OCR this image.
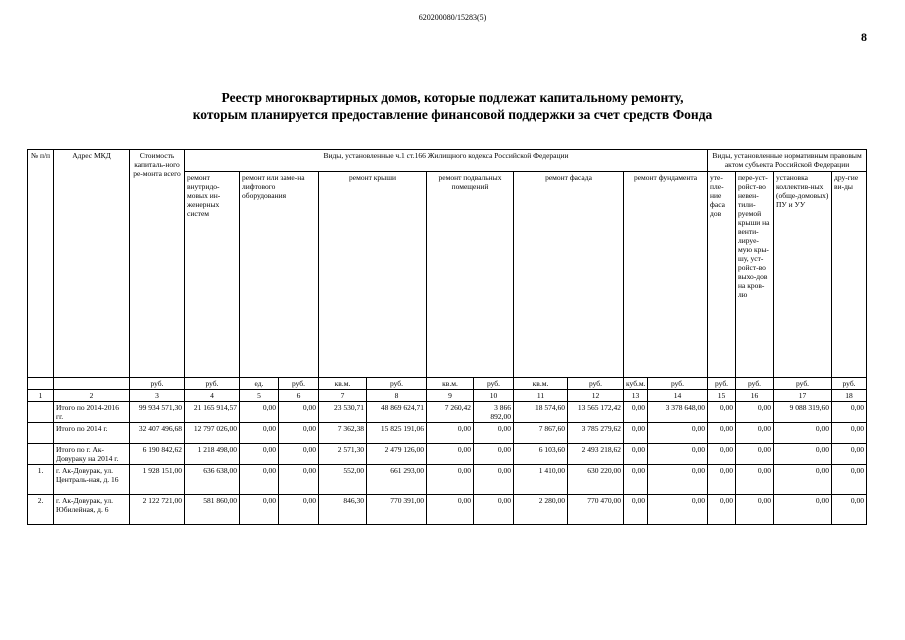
620200080/15283(5)
8
Реестр многоквартирных домов, которые подлежат капитальному ремонту,
которым планируется предоставление финансовой поддержки за счет средств Фонда
№ п/п	Адрес МКД	Стоимость капиталь-ного ре-монта всего	Виды, установленные ч.1 ст.166 Жилищного кодекса Российской Федерации											Виды, установленные нормативным правовым актом субъекта Российской Федерации			
			ремонт внутридо-мовых ин-женерных систем	ремонт или заме-на лифтового оборудования		ремонт крыши		ремонт подвальных помещений		ремонт фасада		ремонт фундамента		уте-пле-ние фаса дов	пере-уст-ройст-во невен-тили-руемой крыши на венти-лируе-мую кры-шу, уст-ройст-во выхо-дов на кров-лю	установка коллектив-ных (обще-домовых) ПУ и УУ	дру-гие ви-ды
		руб.	руб.	ед.	руб.	кв.м.	руб.	кв.м.	руб.	кв.м.	руб.	куб.м.	руб.	руб.	руб.	руб.	руб.
1	2	3	4	5	6	7	8	9	10	11	12	13	14	15	16	17	18
	Итого по 2014-2016 гг.	99 934 571,30	21 165 914,57	0,00	0,00	23 530,71	48 869 624,71	7 260,42	3 866 892,00	18 574,60	13 565 172,42	0,00	3 378 648,00	0,00	0,00	9 088 319,60	0,00
	Итого по 2014 г.	32 407 496,68	12 797 026,00	0,00	0,00	7 362,38	15 825 191,06	0,00	0,00	7 867,60	3 785 279,62	0,00	0,00	0,00	0,00	0,00	0,00
	Итого по г. Ак-Довураку на 2014 г.	6 190 842,62	1 218 498,00	0,00	0,00	2 571,30	2 479 126,00	0,00	0,00	6 103,60	2 493 218,62	0,00	0,00	0,00	0,00	0,00	0,00
1.	г. Ак-Довурак, ул. Централь-ная, д. 16	1 928 151,00	636 638,00	0,00	0,00	552,00	661 293,00	0,00	0,00	1 410,00	630 220,00	0,00	0,00	0,00	0,00	0,00	0,00
2.	г. Ак-Довурак, ул. Юбилейная, д. 6	2 122 721,00	581 860,00	0,00	0,00	846,30	770 391,00	0,00	0,00	2 280,00	770 470,00	0,00	0,00	0,00	0,00	0,00	0,00
